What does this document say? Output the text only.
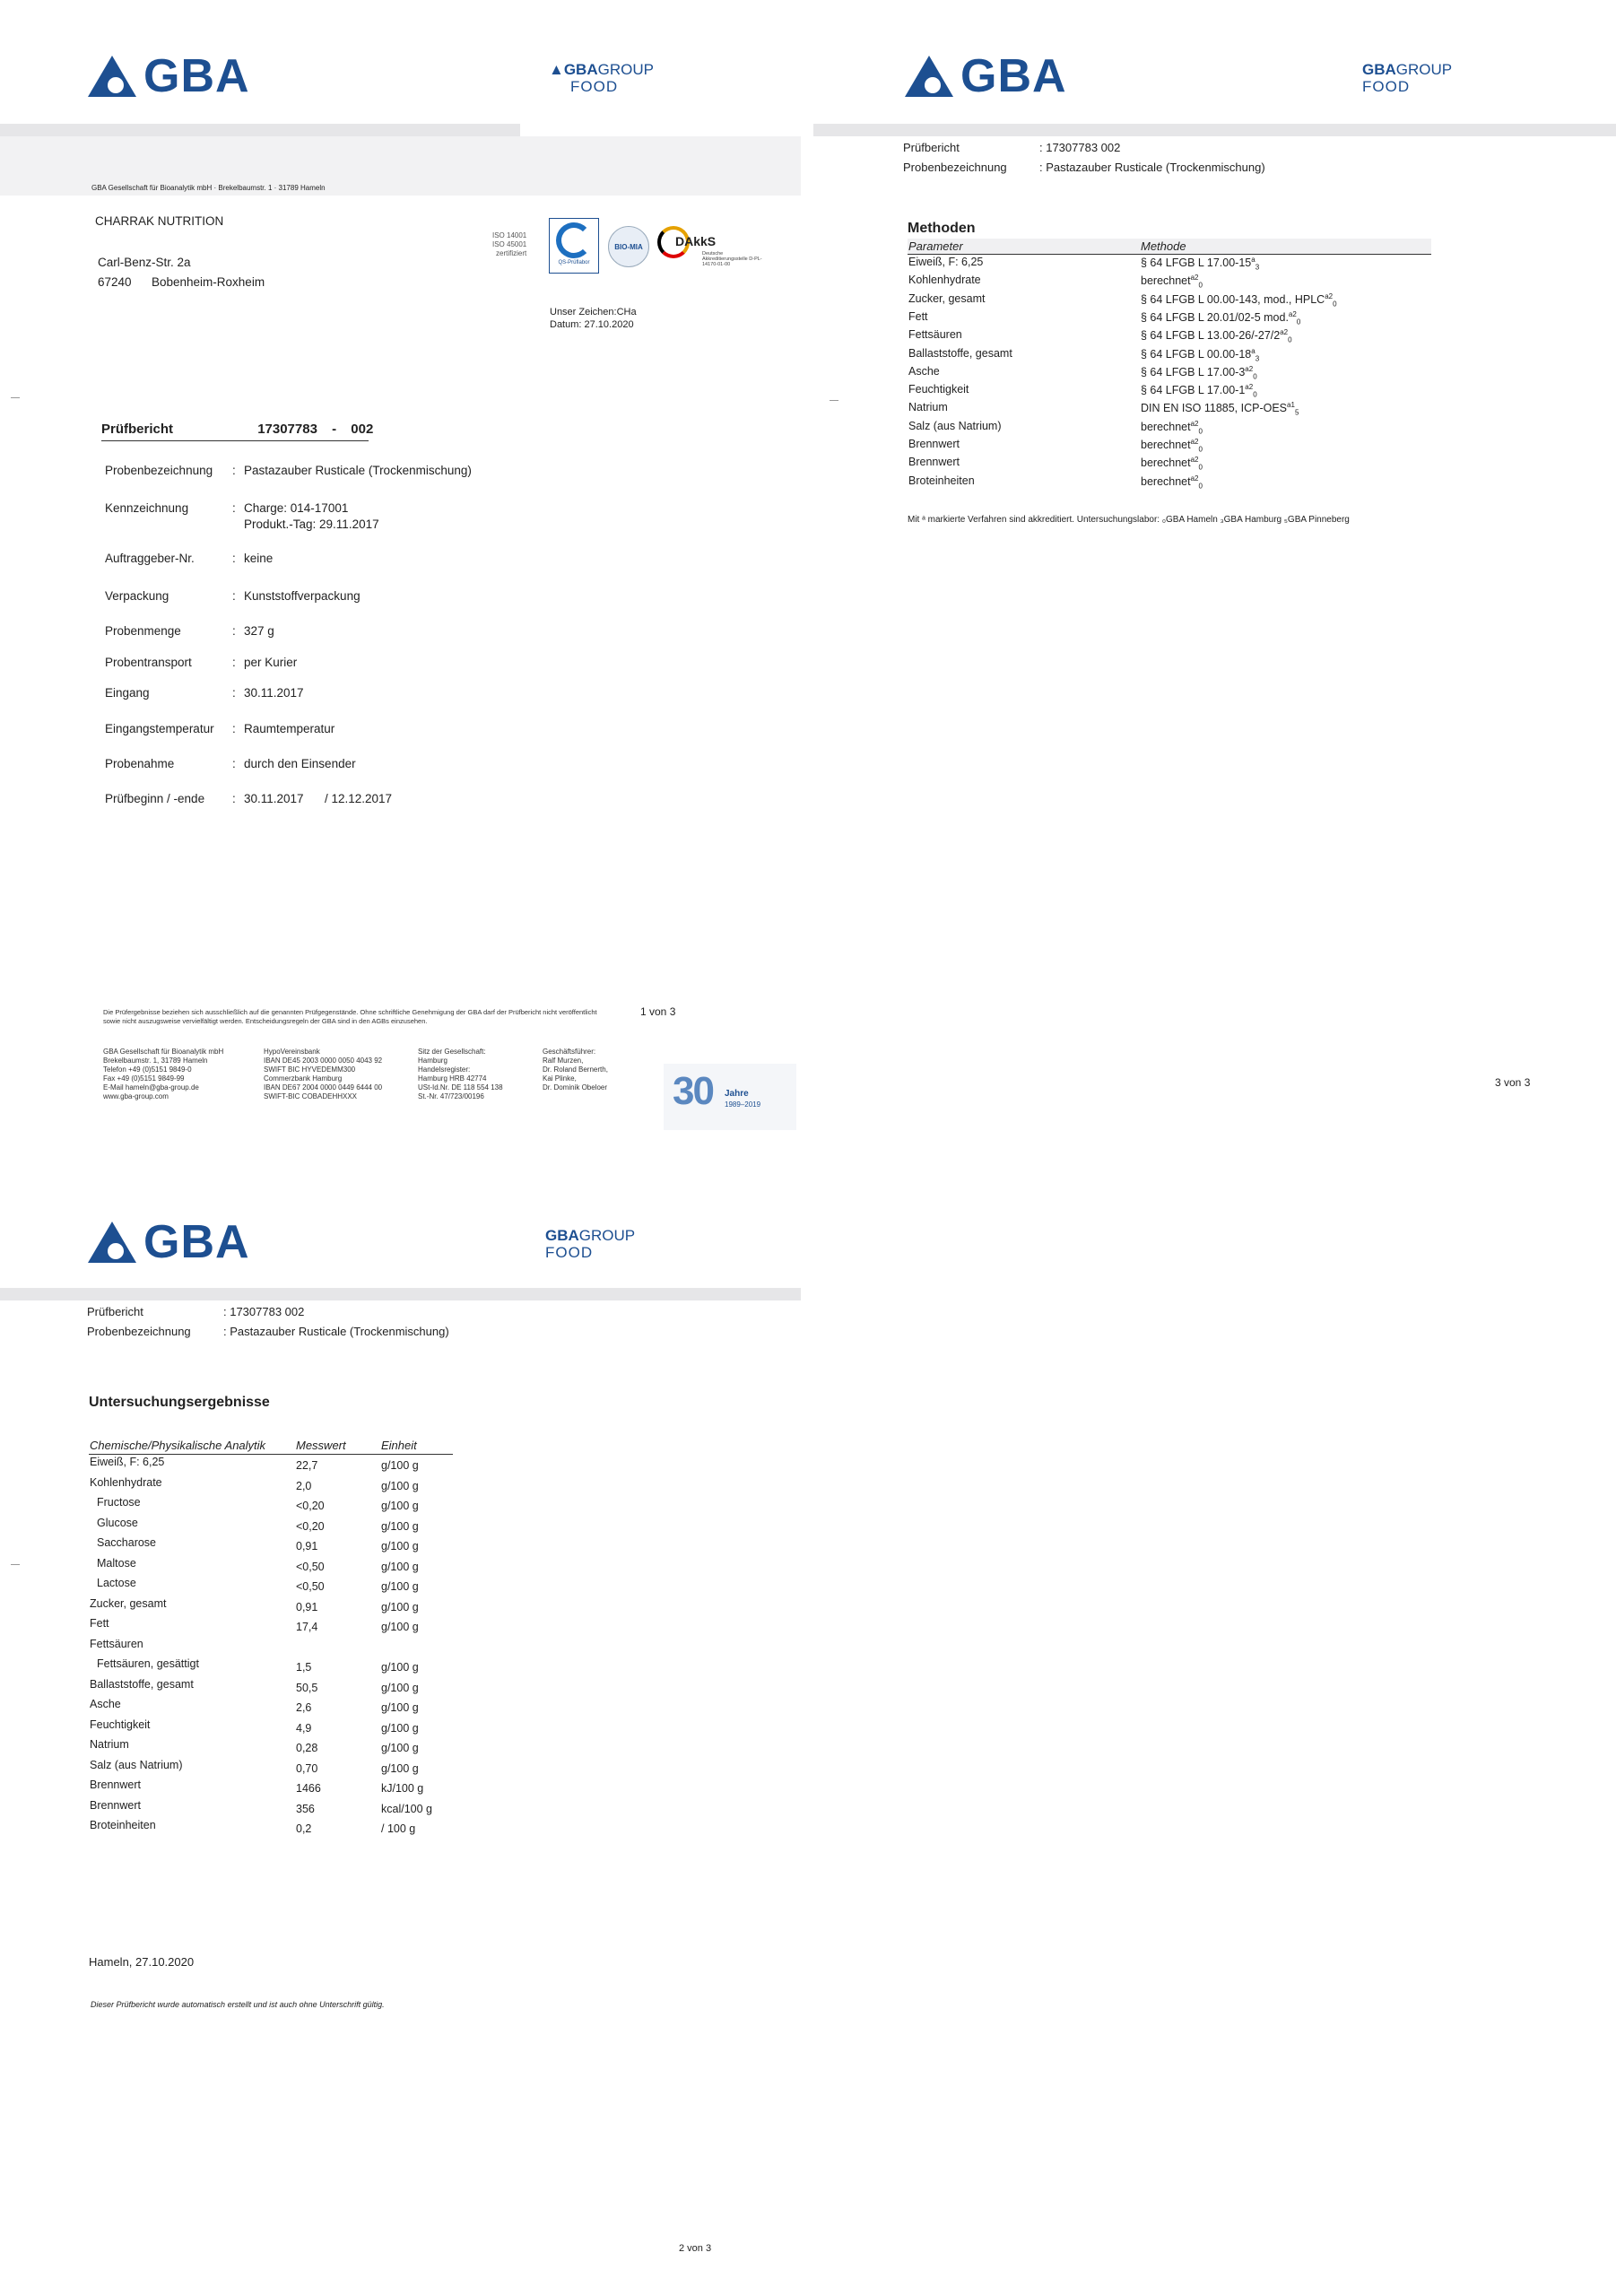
GBA	▲GBAGROUP
FOOD
GBA Gesellschaft für Bioanalytik mbH · Brekelbaumstr. 1 · 31789 Hameln
CHARRAK NUTRITION
Carl-Benz-Str. 2a
67240 Bobenheim-Roxheim
ISO 14001
ISO 45001
zertifiziert
QS-Prüflabor
BIO-MIA	DAkkS
Deutsche Akkreditierungsstelle D-PL-14170-01-00
Unser Zeichen:CHa
Datum: 27.10.2020
Prüfbericht	17307783 - 002
Probenbezeichnung : Pastazauber Rusticale (Trockenmischung)
Kennzeichnung	: Charge: 014-17001
Produkt.-Tag: 29.11.2017
Auftraggeber-Nr.	: keine
Verpackung	: Kunststoffverpackung
Probenmenge	: 327 g
Probentransport	: per Kurier
Eingang	: 30.11.2017
Eingangstemperatur : Raumtemperatur
Probenahme	: durch den Einsender
Prüfbeginn / -ende : 30.11.2017 / 12.12.2017
Die Prüfergebnisse beziehen sich ausschließlich auf die genannten Prüfgegenstände. Ohne schriftliche Genehmigung der GBA darf der Prüfbericht nicht veröffentlicht sowie nicht auszugsweise vervielfältigt werden. Entscheidungsregeln der GBA sind in den AGBs einzusehen.
1 von 3
GBA Gesellschaft für Bioanalytik mbH
Brekelbaumstr. 1, 31789 Hameln
Telefon +49 (0)5151 9849-0
Fax +49 (0)5151 9849-99
E-Mail hameln@gba-group.de
www.gba-group.com
HypoVereinsbank
IBAN DE45 2003 0000 0050 4043 92
SWIFT BIC HYVEDEMM300
Commerzbank Hamburg
IBAN DE67 2004 0000 0449 6444 00
SWIFT-BIC COBADEHHXXX
Sitz der Gesellschaft:
Hamburg
Handelsregister:
Hamburg HRB 42774
USt-Id.Nr. DE 118 554 138
St.-Nr. 47/723/00196
Geschäftsführer:
Ralf Murzen,
Dr. Roland Bernerth,
Kai Plinke,
Dr. Dominik Obeloer 30 Jahre
1989–2019
GBA	GBAGROUP
FOOD
Prüfbericht	: 17307783 002
Probenbezeichnung	: Pastazauber Rusticale (Trockenmischung)
Methoden
Parameter	Methode
Eiweiß, F: 6,25	§ 64 LFGB L $17.00-15^a_3$
Kohlenhydrate	berechnet$^{a2}_0$
Zucker, gesamt	§ 64 LFGB L 00.00-143, mod., $HPLC^{a2}_0$
Fett	§ 64 LFGB L 20.01/02-5 mod.$^{a2}_0$
Fettsäuren	§ 64 LFGB L $13.00-26/-27/2^{a2}_0$
Ballaststoffe, gesamt	§ 64 LFGB L $00.00-18^a_3$
Asche	§ 64 LFGB L $17.00-3^{a2}_0$
Feuchtigkeit	§ 64 LFGB L $17.00-1^{a2}_0$
Natrium	DIN EN ISO 11885, ICP-$OES^{a1}_5$
Salz (aus Natrium)	berechnet$^{a2}_0$
Brennwert	berechnet$^{a2}_0$
Brennwert	berechnet$^{a2}_0$
Broteinheiten	berechnet$^{a2}_0$
Mit ᵃ markierte Verfahren sind akkreditiert. Untersuchungslabor: ₀GBA Hameln ₃GBA Hamburg ₅GBA Pinneberg
3 von 3
GBA	GBAGROUP
FOOD
Prüfbericht	: 17307783 002
Probenbezeichnung	: Pastazauber Rusticale (Trockenmischung)
Untersuchungsergebnisse
Chemische/Physikalische Analytik	Messwert	Einheit
Eiweiß, F: 6,25	22,7	g/100 g
Kohlenhydrate	2,0	g/100 g
Fructose	<0,20	g/100 g
Glucose	<0,20	g/100 g
Saccharose	0,91	g/100 g
Maltose	<0,50	g/100 g
Lactose	<0,50	g/100 g
Zucker, gesamt	0,91	g/100 g
Fett	17,4	g/100 g
Fettsäuren
Fettsäuren, gesättigt	1,5	g/100 g
Ballaststoffe, gesamt	50,5	g/100 g
Asche	2,6	g/100 g
Feuchtigkeit	4,9	g/100 g
Natrium	0,28	g/100 g
Salz (aus Natrium)	0,70	g/100 g
Brennwert	1466	kJ/100 g
Brennwert	356	kcal/100 g
Broteinheiten	0,2	/ 100 g
Hameln, 27.10.2020
Dieser Prüfbericht wurde automatisch erstellt und ist auch ohne Unterschrift gültig.
2 von 3
